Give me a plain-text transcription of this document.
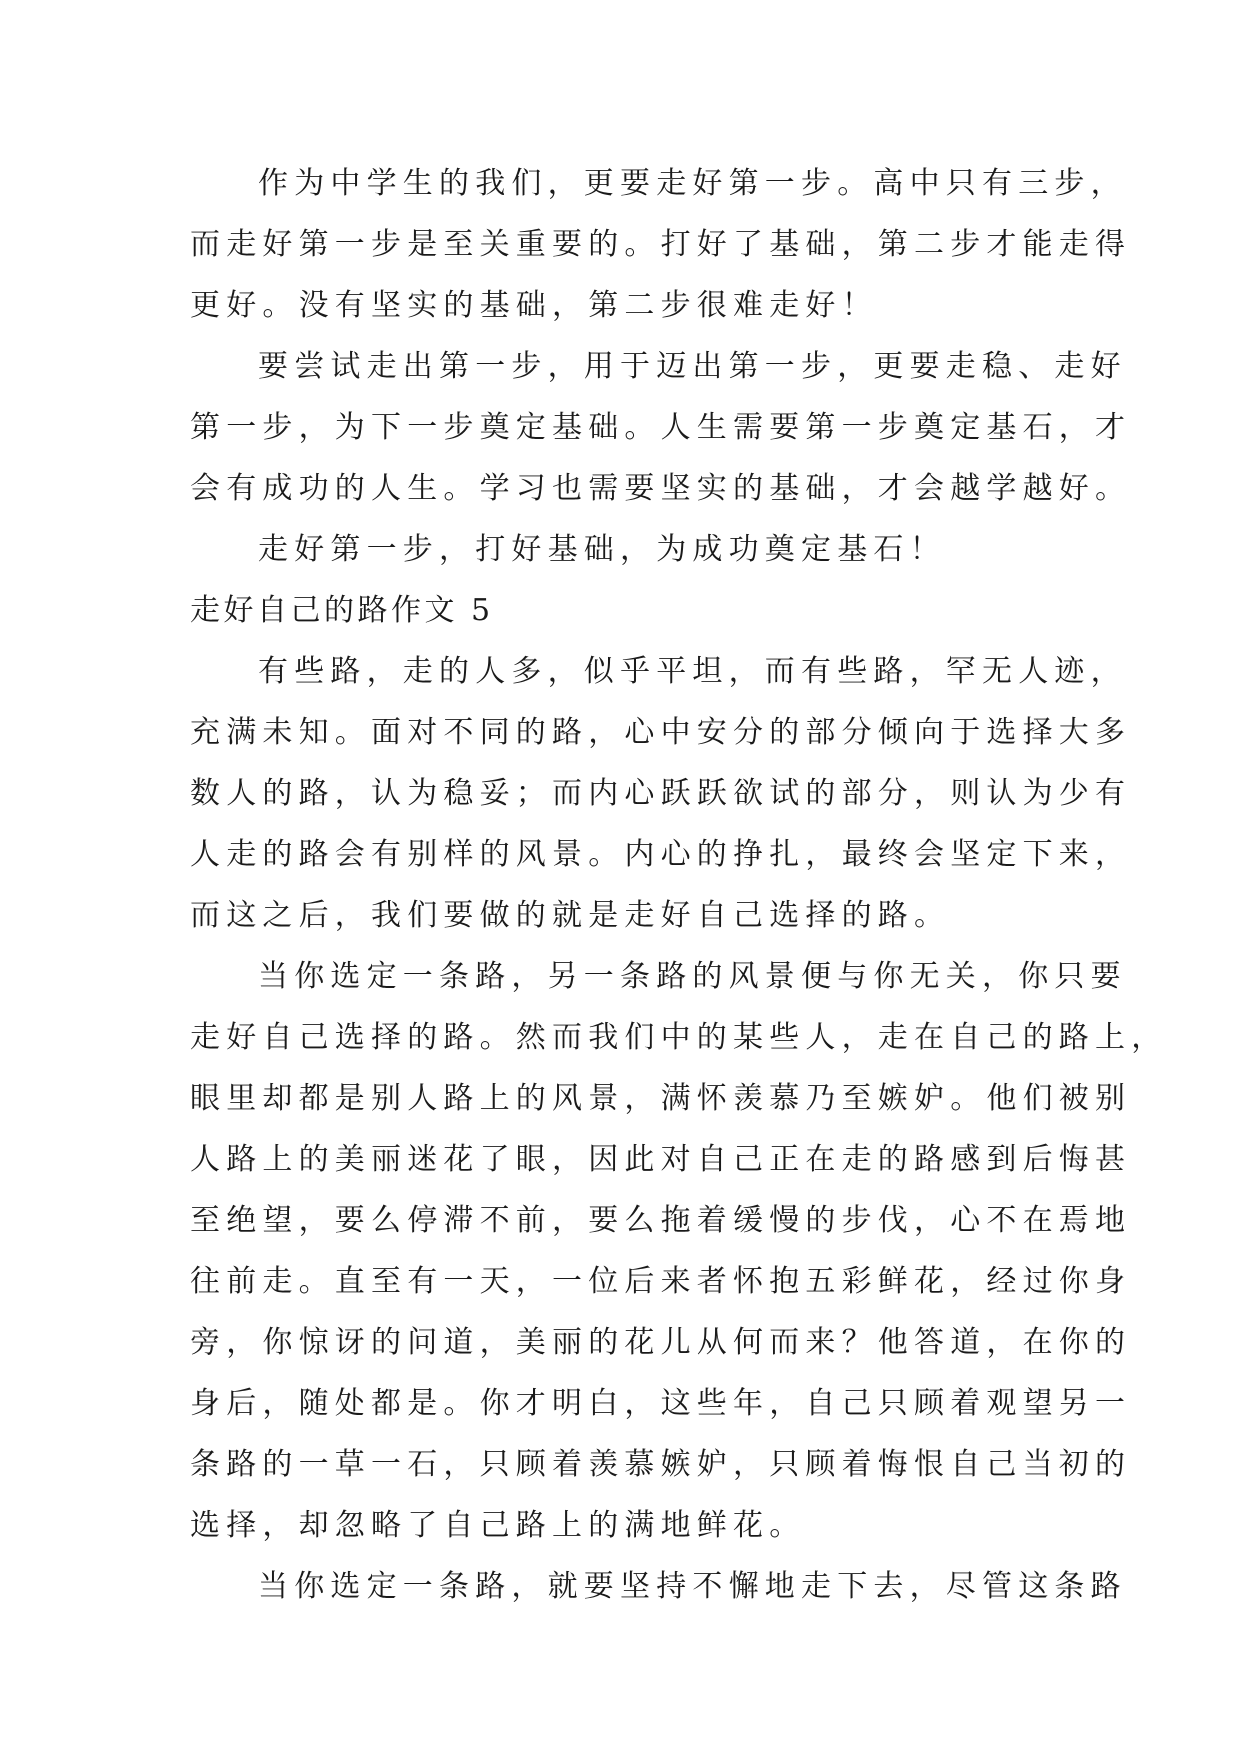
作为中学生的我们，更要走好第一步。高中只有三步，
而走好第一步是至关重要的。打好了基础，第二步才能走得
更好。没有坚实的基础，第二步很难走好！
要尝试走出第一步，用于迈出第一步，更要走稳、走好
第一步，为下一步奠定基础。人生需要第一步奠定基石，才
会有成功的人生。学习也需要坚实的基础，才会越学越好。
走好第一步，打好基础，为成功奠定基石！
走好自己的路作文 5
有些路，走的人多，似乎平坦，而有些路，罕无人迹，
充满未知。面对不同的路，心中安分的部分倾向于选择大多
数人的路，认为稳妥；而内心跃跃欲试的部分，则认为少有
人走的路会有别样的风景。内心的挣扎，最终会坚定下来，
而这之后，我们要做的就是走好自己选择的路。
当你选定一条路，另一条路的风景便与你无关，你只要
走好自己选择的路。然而我们中的某些人，走在自己的路上，
眼里却都是别人路上的风景，满怀羡慕乃至嫉妒。他们被别
人路上的美丽迷花了眼，因此对自己正在走的路感到后悔甚
至绝望，要么停滞不前，要么拖着缓慢的步伐，心不在焉地
往前走。直至有一天，一位后来者怀抱五彩鲜花，经过你身
旁，你惊讶的问道，美丽的花儿从何而来？他答道，在你的
身后，随处都是。你才明白，这些年，自己只顾着观望另一
条路的一草一石，只顾着羡慕嫉妒，只顾着悔恨自己当初的
选择，却忽略了自己路上的满地鲜花。
当你选定一条路，就要坚持不懈地走下去，尽管这条路
